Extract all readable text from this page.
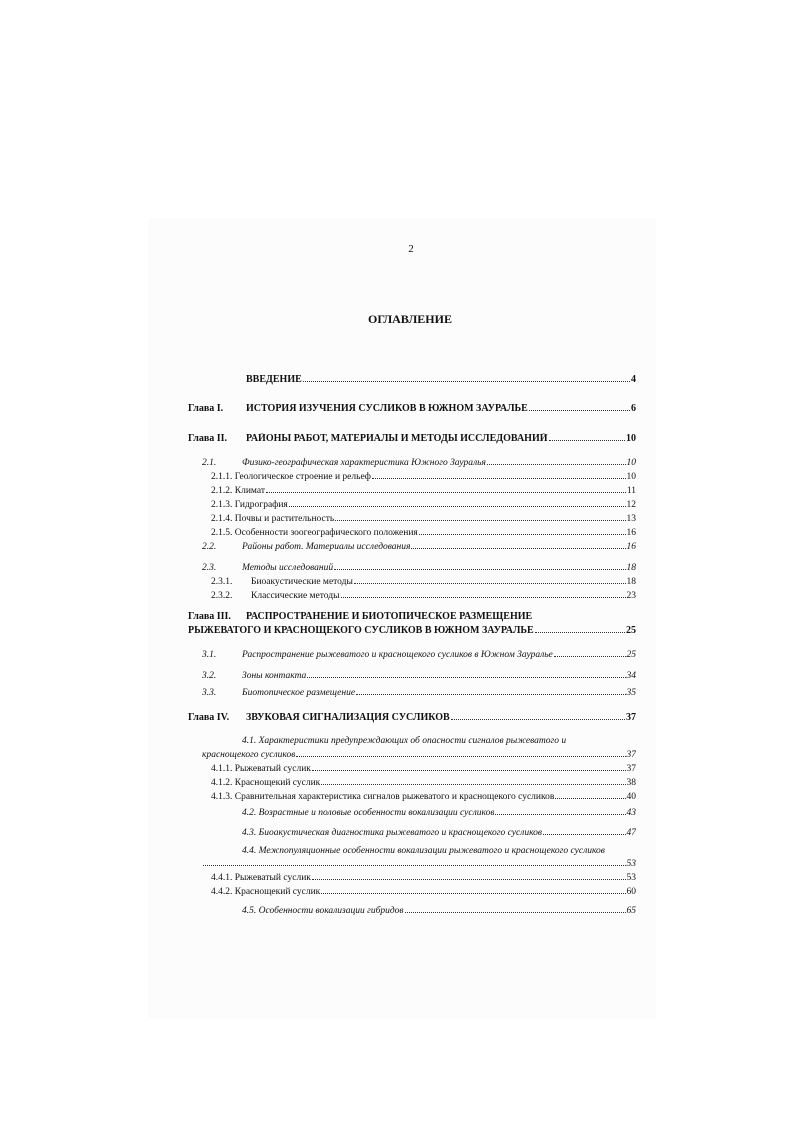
2
ОГЛАВЛЕНИЕ
ВВЕДЕНИЕ	4
Глава I.	ИСТОРИЯ ИЗУЧЕНИЯ СУСЛИКОВ В ЮЖНОМ ЗАУРАЛЬЕ	6
Глава II.	РАЙОНЫ РАБОТ, МАТЕРИАЛЫ И МЕТОДЫ ИССЛЕДОВАНИЙ	10
2.1.	Физико-географическая характеристика Южного Зауралья	10
2.1.1. Геологическое строение и рельеф	10
2.1.2. Климат	11
2.1.3. Гидрография	12
2.1.4. Почвы и растительность	13
2.1.5. Особенности зоогеографического положения	16
2.2.	Районы работ. Материалы исследования	16
2.3.	Методы исследований	18
2.3.1.	Биоакустические методы	18
2.3.2.	Классические методы	23
Глава III.	РАСПРОСТРАНЕНИЕ И БИОТОПИЧЕСКОЕ РАЗМЕЩЕНИЕ
РЫЖЕВАТОГО И КРАСНОЩЕКОГО СУСЛИКОВ В ЮЖНОМ ЗАУРАЛЬЕ	25
3.1.	Распространение рыжеватого и краснощекого сусликов в Южном Зауралье	25
3.2.	Зоны контакта	34
3.3.	Биотопическое размещение	35
Глава IV.	ЗВУКОВАЯ СИГНАЛИЗАЦИЯ СУСЛИКОВ	37
4.1. Характеристики предупреждающих об опасности сигналов рыжеватого и
краснощекого сусликов	37
4.1.1. Рыжеватый суслик	37
4.1.2. Краснощекий суслик	38
4.1.3. Сравнительная характеристика сигналов рыжеватого и краснощекого сусликов	40
4.2. Возрастные и половые особенности вокализации сусликов	43
4.3. Биоакустическая диагностика рыжеватого и краснощекого сусликов	47
4.4. Межпопуляционные особенности вокализации рыжеватого и краснощекого сусликов
53
4.4.1. Рыжеватый суслик	53
4.4.2. Краснощекий суслик	60
4.5. Особенности вокализации гибридов	65
